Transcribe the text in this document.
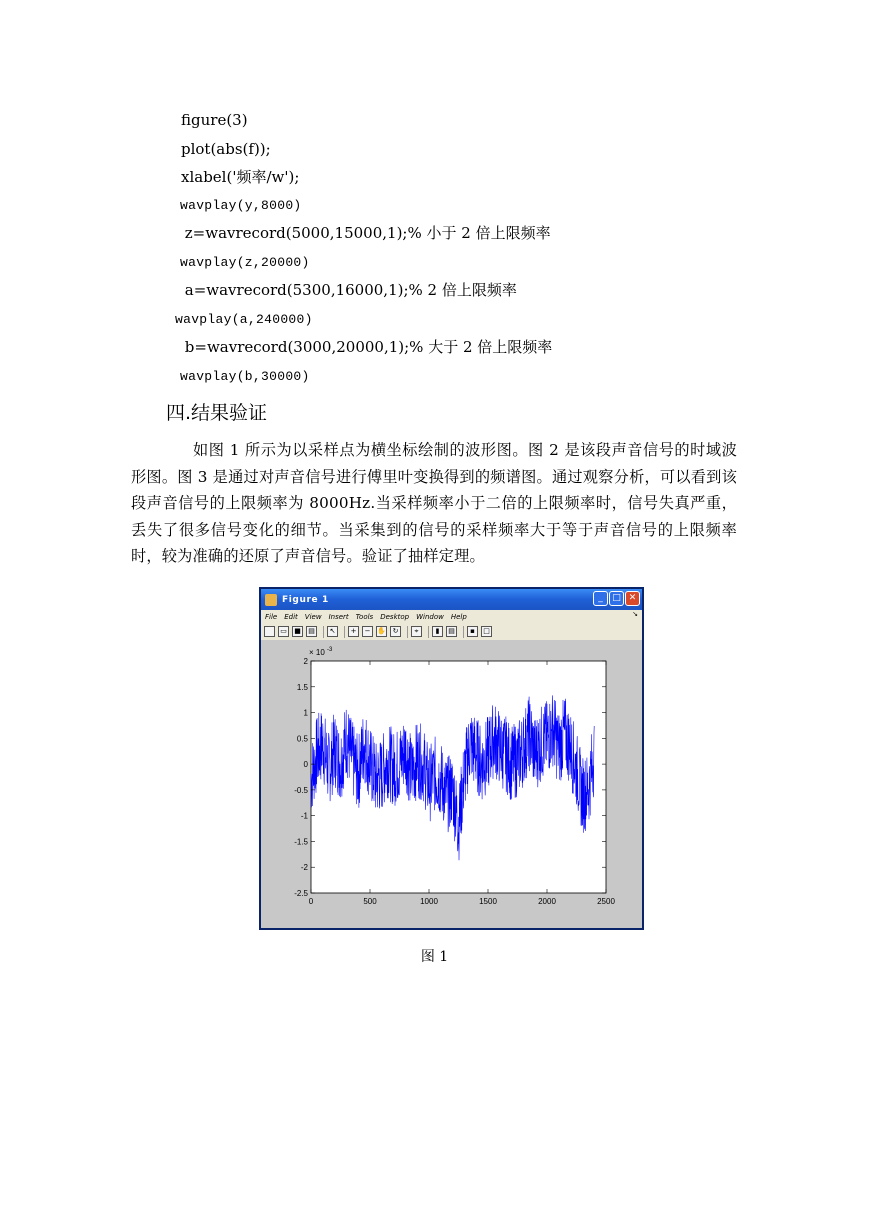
figure(3)
plot(abs(f));
xlabel('频率/w');
wavplay(y,8000)
z=wavrecord(5000,15000,1);% 小于 2 倍上限频率
wavplay(z,20000)
a=wavrecord(5300,16000,1);% 2 倍上限频率
wavplay(a,240000)
b=wavrecord(3000,20000,1);% 大于 2 倍上限频率
wavplay(b,30000)
四.结果验证
如图 1 所示为以采样点为横坐标绘制的波形图。图 2 是该段声音信号的时域波形图。图 3 是通过对声音信号进行傅里叶变换得到的频谱图。通过观察分析，可以看到该段声音信号的上限频率为 8000Hz.当采样频率小于二倍的上限频率时，信号失真严重，丢失了很多信号变化的细节。当采集到的信号的采样频率大于等于声音信号的上限频率时，较为准确的还原了声音信号。验证了抽样定理。
Figure 1	_	□ ✕
File Edit View Insert Tools Desktop Window Help	↘
▭	■	▤	↖	+	− ✋ ↻	⌖	▮	▤	▪	□
2
1.5
1
0.5
0
-0.5
-1
-1.5
-2
-2.5
0	500	1000	1500	2000	2500
× 10 -3
图 1
